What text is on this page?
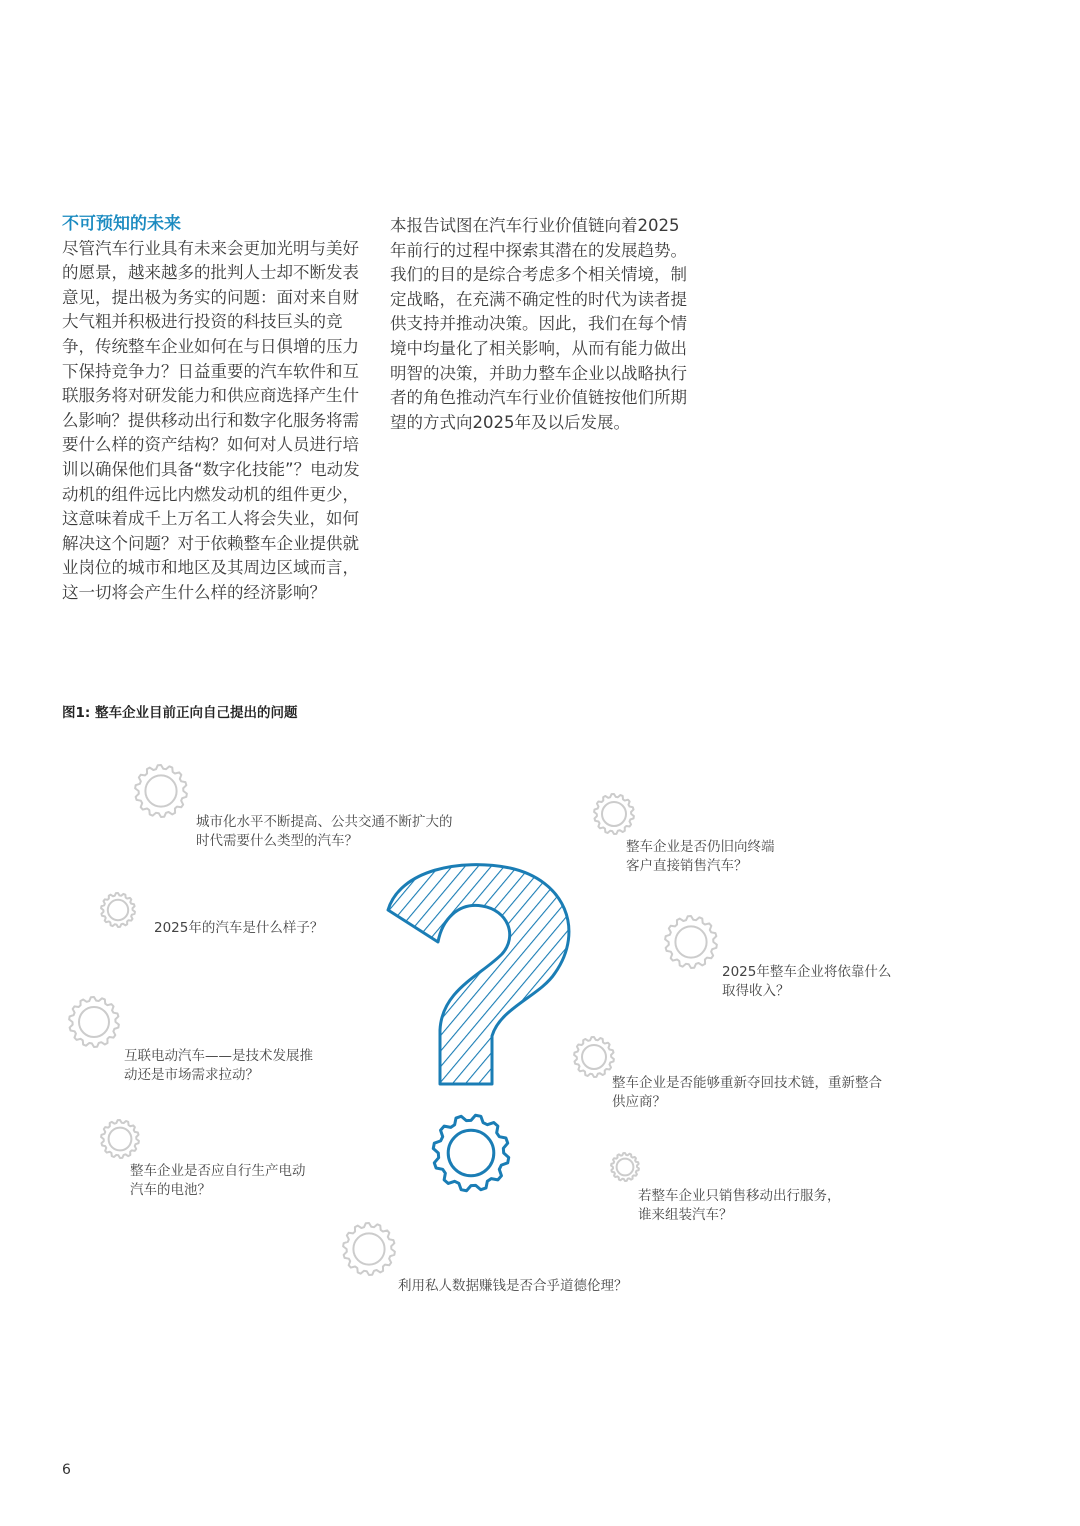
不可预知的未来
尽管汽车行业具有未来会更加光明与美好的愿景，越来越多的批判人士却不断发表意见，提出极为务实的问题：面对来自财大气粗并积极进行投资的科技巨头的竞争，传统整车企业如何在与日俱增的压力下保持竞争力？日益重要的汽车软件和互联服务将对研发能力和供应商选择产生什么影响？提供移动出行和数字化服务将需要什么样的资产结构？如何对人员进行培训以确保他们具备“数字化技能”？电动发动机的组件远比内燃发动机的组件更少，这意味着成千上万名工人将会失业，如何解决这个问题？对于依赖整车企业提供就业岗位的城市和地区及其周边区域而言，这一切将会产生什么样的经济影响？
本报告试图在汽车行业价值链向着2025年前行的过程中探索其潜在的发展趋势。我们的目的是综合考虑多个相关情境，制定战略，在充满不确定性的时代为读者提供支持并推动决策。因此，我们在每个情境中均量化了相关影响，从而有能力做出明智的决策，并助力整车企业以战略执行者的角色推动汽车行业价值链按他们所期望的方式向2025年及以后发展。
图1: 整车企业目前正向自己提出的问题
城市化水平不断提高、公共交通不断扩大的
时代需要什么类型的汽车？
2025年的汽车是什么样子？
互联电动汽车——是技术发展推
动还是市场需求拉动？
整车企业是否应自行生产电动
汽车的电池？
利用私人数据赚钱是否合乎道德伦理？
整车企业是否仍旧向终端
客户直接销售汽车？
2025年整车企业将依靠什么
取得收入？
整车企业是否能够重新夺回技术链，重新整合
供应商？
若整车企业只销售移动出行服务，
谁来组装汽车？
6
